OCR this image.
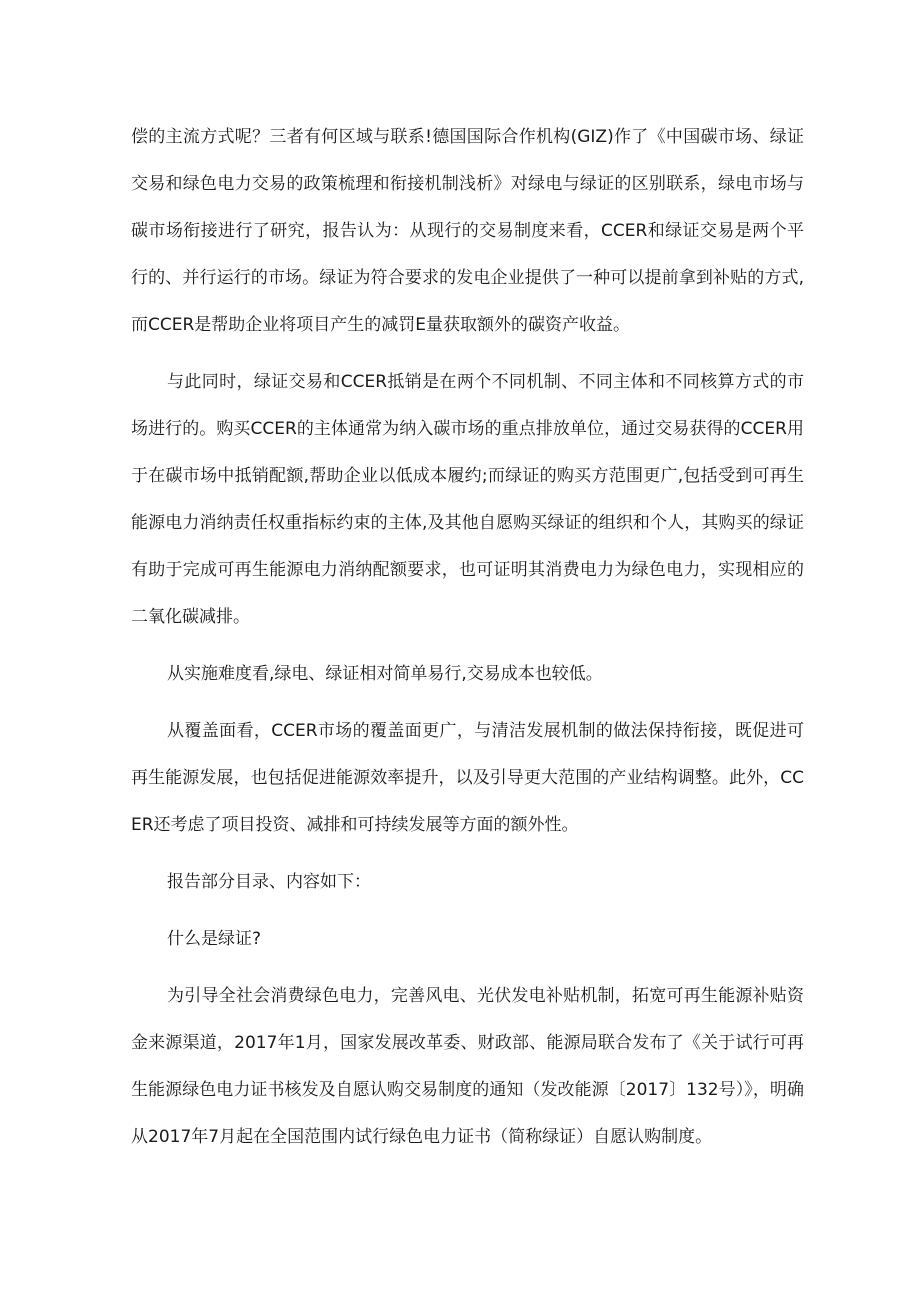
偿的主流方式呢？三者有何区域与联系!德国国际合作机构(GIZ)作了《中国碳市场、绿证交易和绿色电力交易的政策梳理和衔接机制浅析》对绿电与绿证的区别联系，绿电市场与碳市场衔接进行了研究，报告认为：从现行的交易制度来看，CCER和绿证交易是两个平行的、并行运行的市场。绿证为符合要求的发电企业提供了一种可以提前拿到补贴的方式,而CCER是帮助企业将项目产生的减罚E量获取额外的碳资产收益。

与此同时，绿证交易和CCER抵销是在两个不同机制、不同主体和不同核算方式的市场进行的。购买CCER的主体通常为纳入碳市场的重点排放单位，通过交易获得的CCER用于在碳市场中抵销配额,帮助企业以低成本履约;而绿证的购买方范围更广,包括受到可再生能源电力消纳责任权重指标约束的主体,及其他自愿购买绿证的组织和个人，其购买的绿证有助于完成可再生能源电力消纳配额要求，也可证明其消费电力为绿色电力，实现相应的二氧化碳减排。

从实施难度看,绿电、绿证相对简单易行,交易成本也较低。

从覆盖面看，CCER市场的覆盖面更广，与清洁发展机制的做法保持衔接，既促进可再生能源发展，也包括促进能源效率提升，以及引导更大范围的产业结构调整。此外，CCER还考虑了项目投资、减排和可持续发展等方面的额外性。

报告部分目录、内容如下：

什么是绿证?

为引导全社会消费绿色电力，完善风电、光伏发电补贴机制，拓宽可再生能源补贴资金来源渠道，2017年1月，国家发展改革委、财政部、能源局联合发布了《关于试行可再生能源绿色电力证书核发及自愿认购交易制度的通知（发改能源〔2017〕132号）》，明确从2017年7月起在全国范围内试行绿色电力证书（简称绿证）自愿认购制度。
